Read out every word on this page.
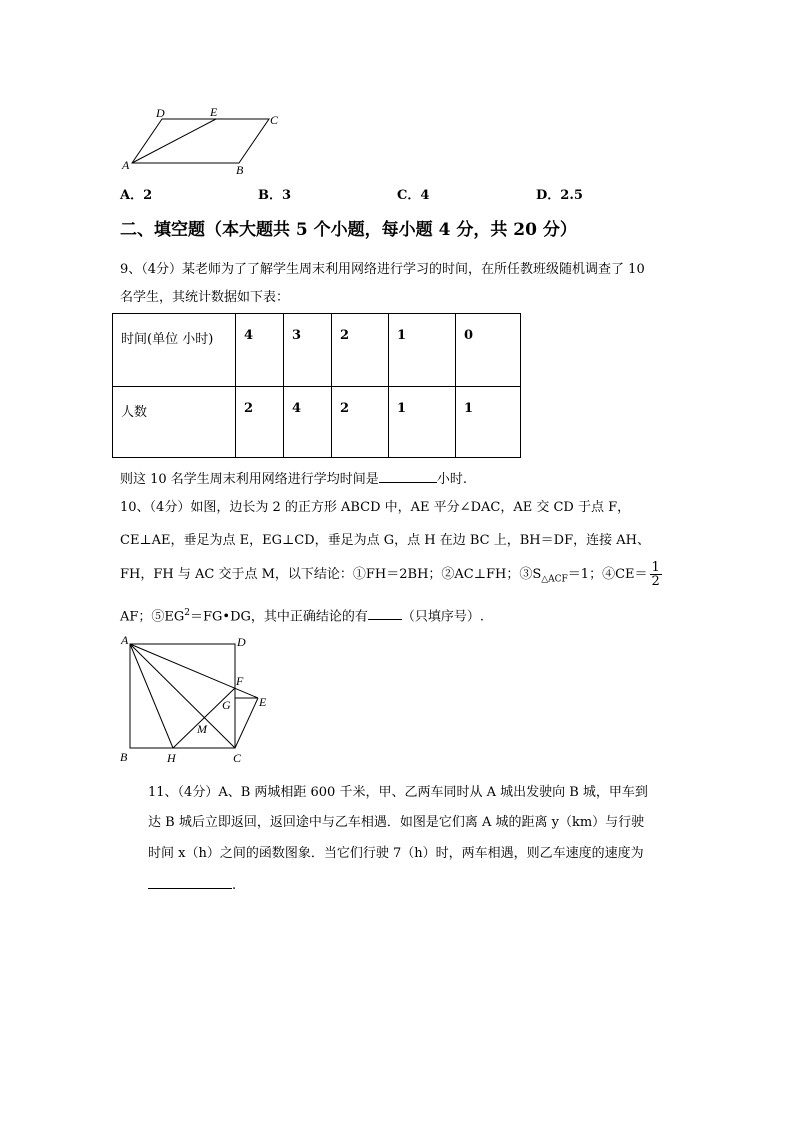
D	E
C
A	B
A．2	B．3	C．4	D．2.5
二、填空题（本大题共 5 个小题，每小题 4 分，共 20 分）
9、（4分）某老师为了了解学生周末利用网络进行学习的时间，在所任教班级随机调查了 10
名学生，其统计数据如下表：
时间(单位 小时)	4	3	2	1	0
人数	2	4	2	1	1
则这 10 名学生周末利用网络进行学均时间是	小时.
10、（4分）如图，边长为 2 的正方形 ABCD 中，AE 平分∠DAC，AE 交 CD 于点 F，
CE⊥AE，垂足为点 E，EG⊥CD，垂足为点 G，点 H 在边 BC 上，BH＝DF，连接 AH、
FH，FH 与 AC 交于点 M，以下结论：①FH＝2BH；②AC⊥FH；$③S_{\triangle ACF}=1$；④CE＝ $\frac{1}{2}$
AF；$⑤EG^2=FG•DG$，其中正确结论的有	（只填序号）.
A	D
F
G E
M
B	H	C
11、（4分）A、B 两城相距 600 千米，甲、乙两车同时从 A 城出发驶向 B 城，甲车到
达 B 城后立即返回，返回途中与乙车相遇．如图是它们离 A 城的距离 y（km）与行驶
时间 x（h）之间的函数图象．当它们行驶 7（h）时，两车相遇，则乙车速度的速度为
.
